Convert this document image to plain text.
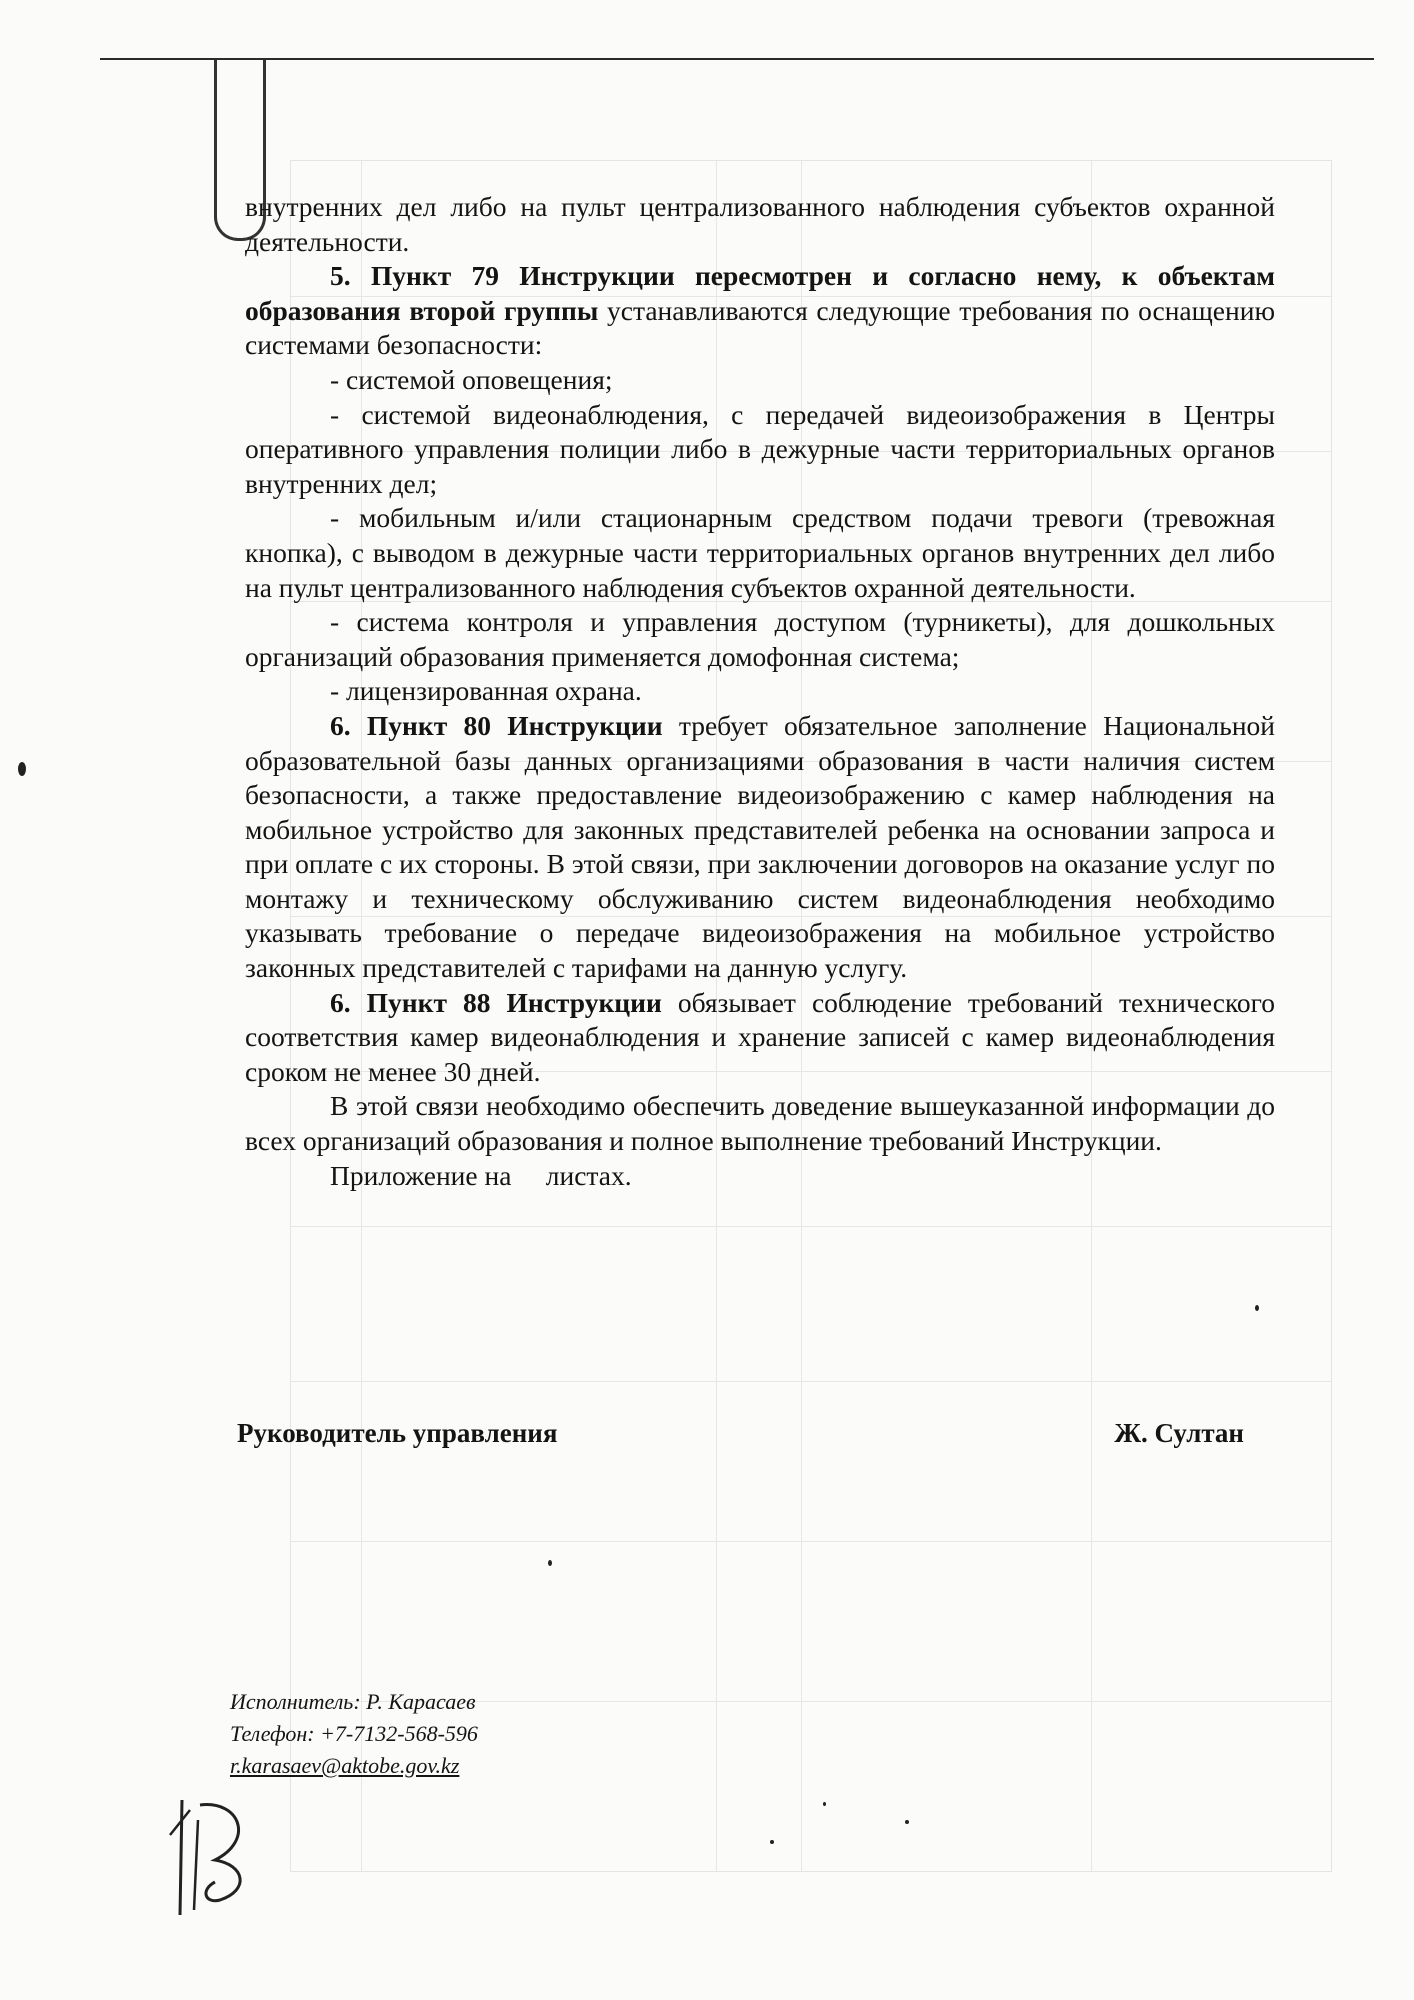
внутренних дел либо на пульт централизованного наблюдения субъектов охранной деятельности.

5. Пункт 79 Инструкции пересмотрен и согласно нему, к объектам образования второй группы устанавливаются следующие требования по оснащению системами безопасности:

- системой оповещения;

- системой видеонаблюдения, с передачей видеоизображения в Центры оперативного управления полиции либо в дежурные части территориальных органов внутренних дел;

- мобильным и/или стационарным средством подачи тревоги (тревожная кнопка), с выводом в дежурные части территориальных органов внутренних дел либо на пульт централизованного наблюдения субъектов охранной деятельности.

- система контроля и управления доступом (турникеты), для дошкольных организаций образования применяется домофонная система;

- лицензированная охрана.

6. Пункт 80 Инструкции требует обязательное заполнение Национальной образовательной базы данных организациями образования в части наличия систем безопасности, а также предоставление видеоизображению с камер наблюдения на мобильное устройство для законных представителей ребенка на основании запроса и при оплате с их стороны. В этой связи, при заключении договоров на оказание услуг по монтажу и техническому обслуживанию систем видеонаблюдения необходимо указывать требование о передаче видеоизображения на мобильное устройство законных представителей с тарифами на данную услугу.

6. Пункт 88 Инструкции обязывает соблюдение требований технического соответствия камер видеонаблюдения и хранение записей с камер видеонаблюдения сроком не менее 30 дней.

В этой связи необходимо обеспечить доведение вышеуказанной информации до всех организаций образования и полное выполнение требований Инструкции.

Приложение на     листах.

Руководитель управления	Ж. Султан
Исполнитель: Р. Карасаев
Телефон: +7-7132-568-596
r.karasaev@aktobe.gov.kz
